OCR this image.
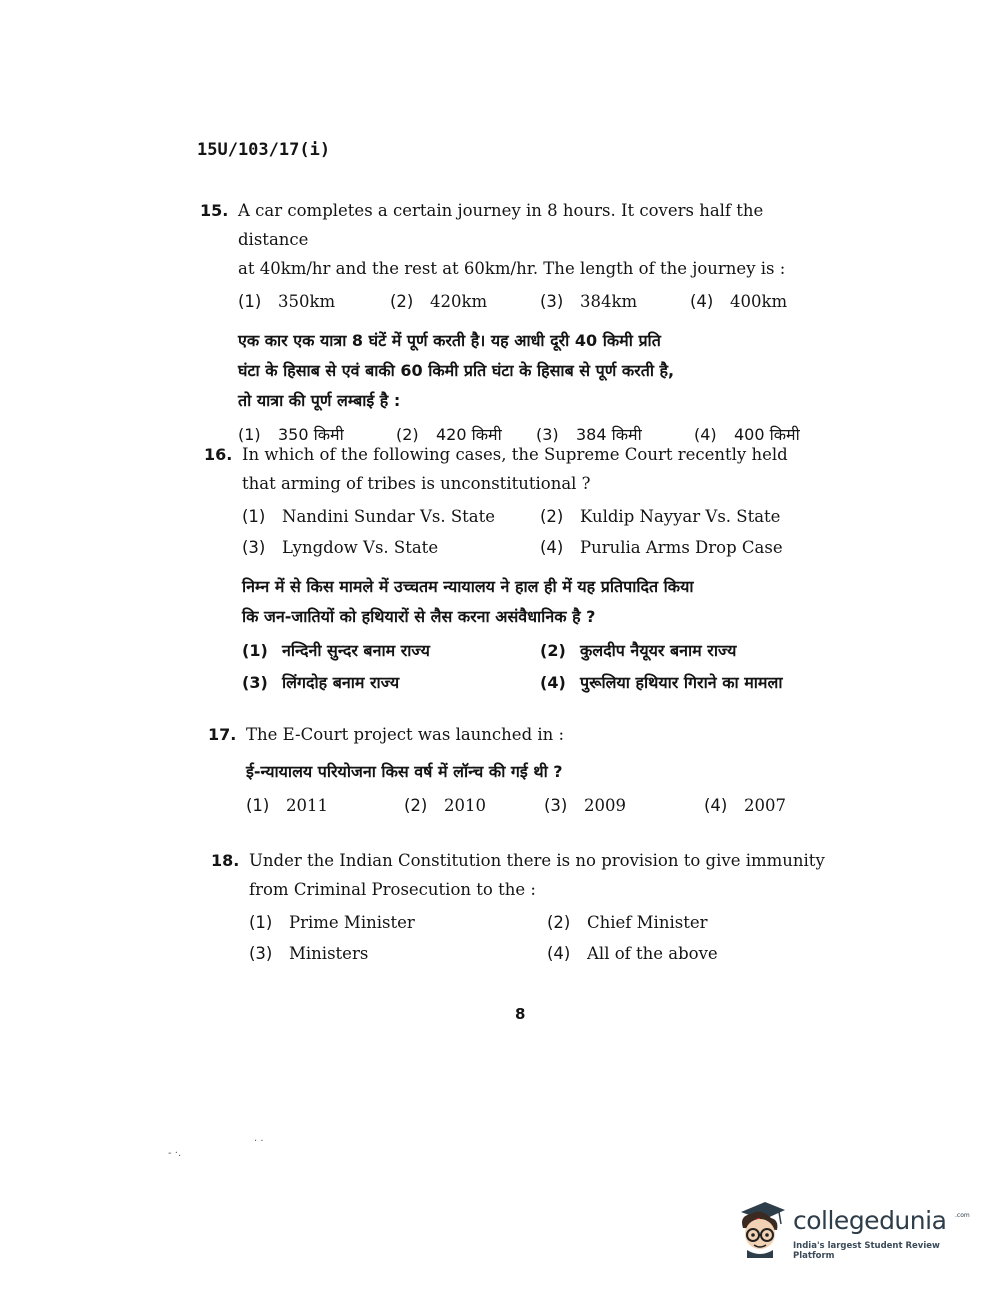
15U/103/17(i)
15. A car completes a certain journey in 8 hours. It covers half the distance

at 40km/hr and the rest at 60km/hr. The length of the journey is :

(1) 350km	(2) 420km	(3) 384km	(4) 400km
एक कार एक यात्रा 8 घंटें में पूर्ण करती है। यह आधी दूरी 40 किमी प्रति
घंटा के हिसाब से एवं बाकी 60 किमी प्रति घंटा के हिसाब से पूर्ण करती है,
तो यात्रा की पूर्ण लम्बाई है :
(1) 350 किमी	(2) 420 किमी	(3) 384 किमी	(4) 400 किमी
16. In which of the following cases, the Supreme Court recently held

that arming of tribes is unconstitutional ?

(1) Nandini Sundar Vs. State	(2) Kuldip Nayyar Vs. State
(3) Lyngdow Vs. State	(4) Purulia Arms Drop Case
निम्न में से किस मामले में उच्चतम न्यायालय ने हाल ही में यह प्रतिपादित किया
कि जन-जातियों को हथियारों से लैस करना असंवैधानिक है ?
(1) नन्दिनी सुन्दर बनाम राज्य	(2) कुलदीप नैयूयर बनाम राज्य
(3) लिंगदोह बनाम राज्य	(4) पुरूलिया हथियार गिराने का मामला
17. The E-Court project was launched in :

ई-न्यायालय परियोजना किस वर्ष में लॉन्च की गई थी ?
(1) 2011	(2) 2010	(3) 2009	(4) 2007
18. Under the Indian Constitution there is no provision to give immunity

from Criminal Prosecution to the :

(1) Prime Minister	(2) Chief Minister
(3) Ministers	(4) All of the above
8
- ·.
· ·
collegedunia .com
India's largest Student Review Platform
